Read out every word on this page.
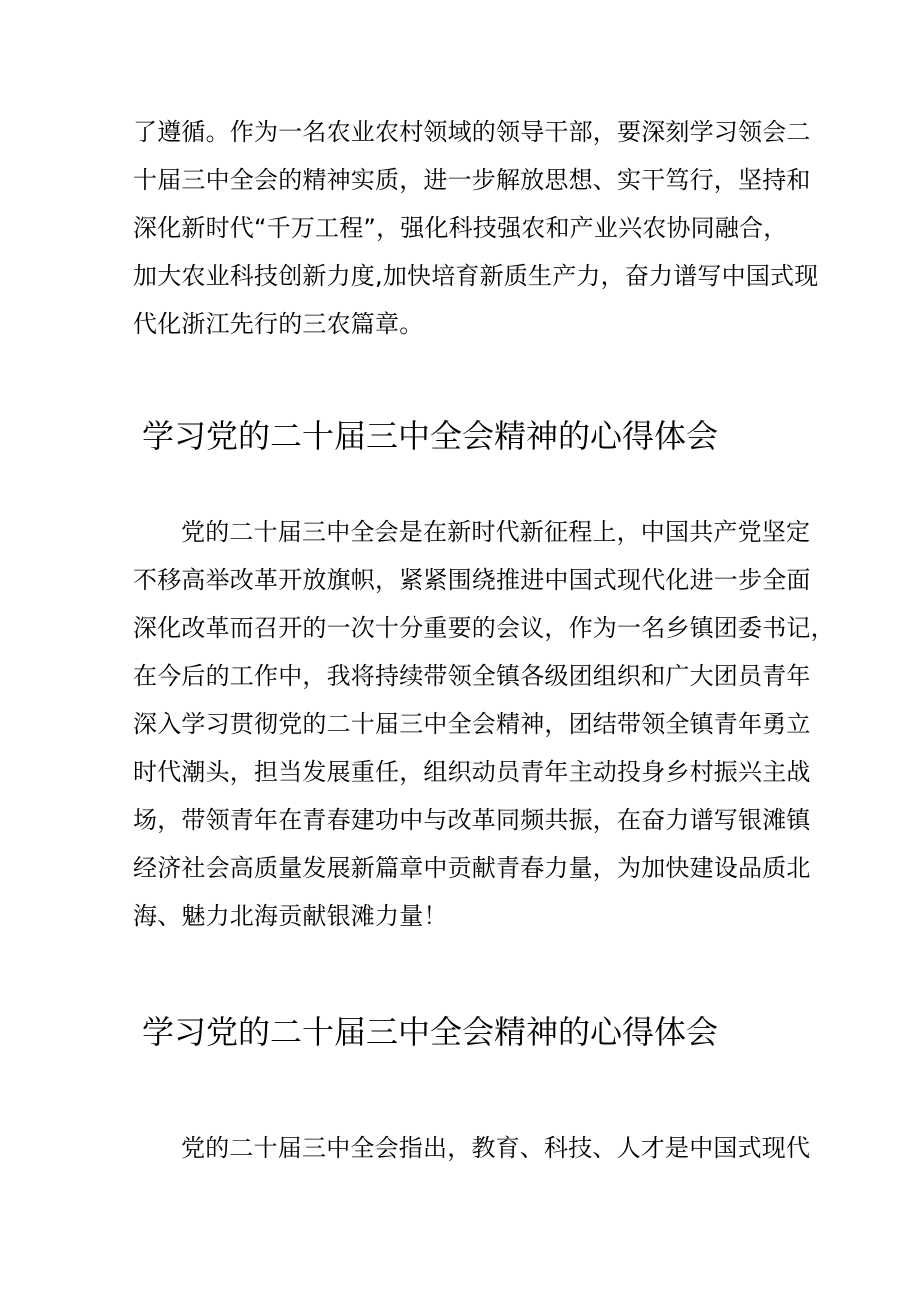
了遵循。作为一名农业农村领域的领导干部，要深刻学习领会二
十届三中全会的精神实质，进一步解放思想、实干笃行，坚持和
深化新时代“千万工程”，强化科技强农和产业兴农协同融合，
加大农业科技创新力度,加快培育新质生产力，奋力谱写中国式现
代化浙江先行的三农篇章。
学习党的二十届三中全会精神的心得体会
党的二十届三中全会是在新时代新征程上，中国共产党坚定
不移高举改革开放旗帜，紧紧围绕推进中国式现代化进一步全面
深化改革而召开的一次十分重要的会议，作为一名乡镇团委书记，
在今后的工作中，我将持续带领全镇各级团组织和广大团员青年
深入学习贯彻党的二十届三中全会精神，团结带领全镇青年勇立
时代潮头，担当发展重任，组织动员青年主动投身乡村振兴主战
场，带领青年在青春建功中与改革同频共振，在奋力谱写银滩镇
经济社会高质量发展新篇章中贡献青春力量，为加快建设品质北
海、魅力北海贡献银滩力量！
学习党的二十届三中全会精神的心得体会
党的二十届三中全会指出，教育、科技、人才是中国式现代
